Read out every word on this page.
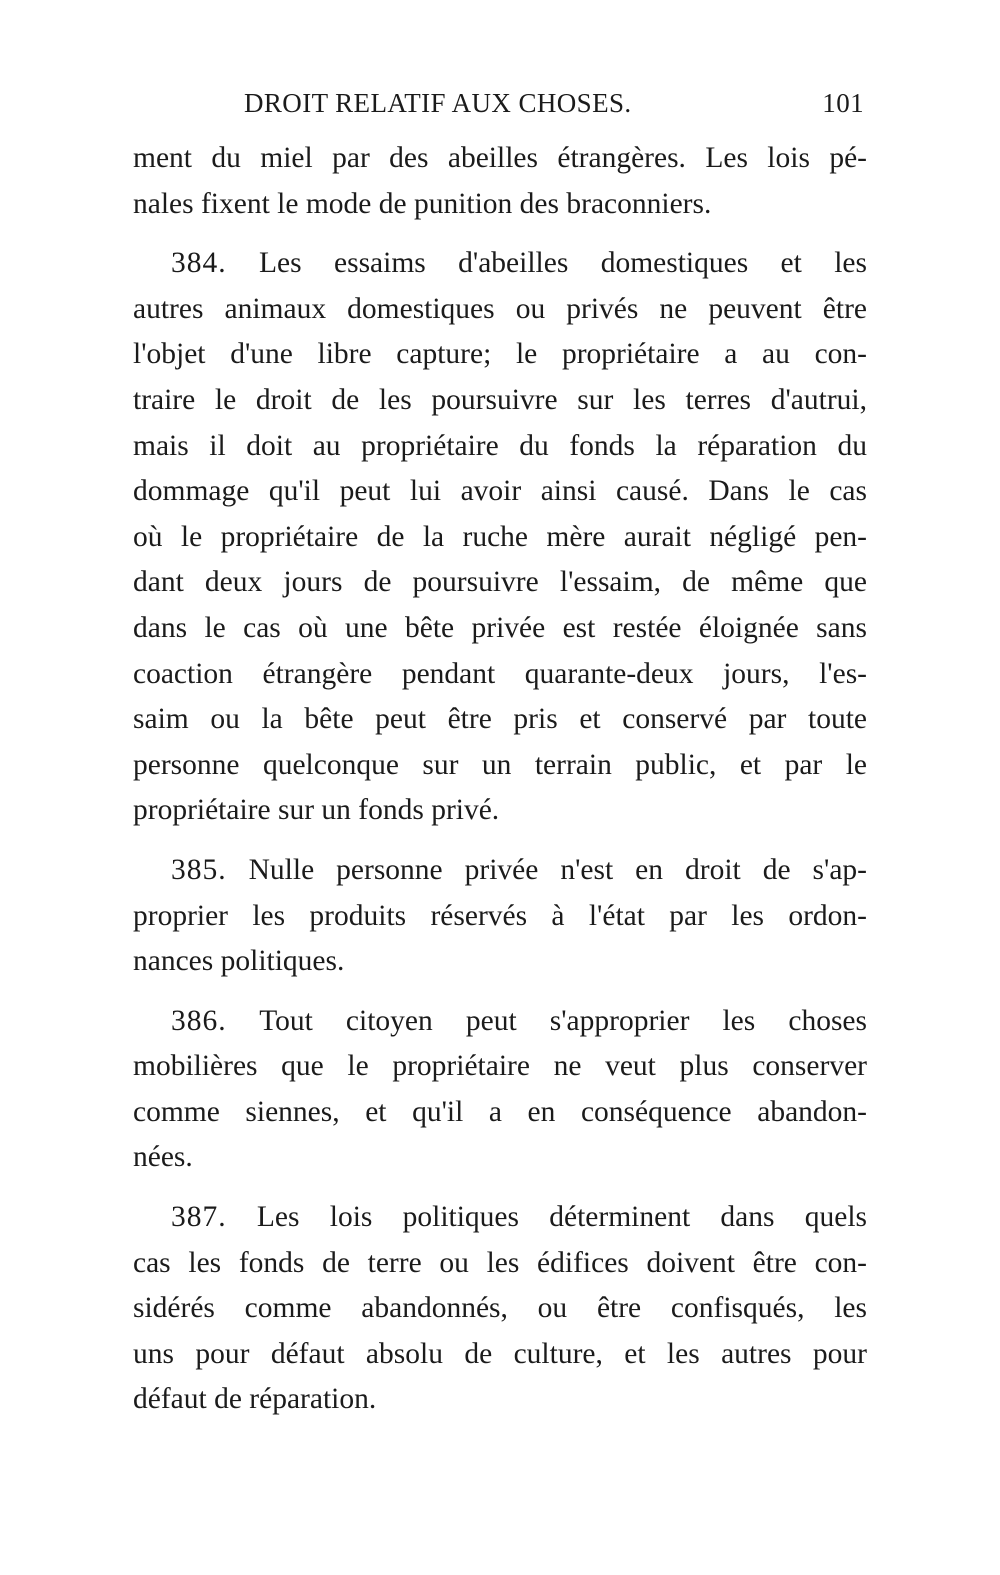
DROIT RELATIF AUX CHOSES.	101

ment du miel par des abeilles étrangères. Les lois pé-
nales fixent le mode de punition des braconniers.

384. Les essaims d'abeilles domestiques et les
autres animaux domestiques ou privés ne peuvent être
l'objet d'une libre capture; le propriétaire a au con-
traire le droit de les poursuivre sur les terres d'autrui,
mais il doit au propriétaire du fonds la réparation du
dommage qu'il peut lui avoir ainsi causé. Dans le cas
où le propriétaire de la ruche mère aurait négligé pen-
dant deux jours de poursuivre l'essaim, de même que
dans le cas où une bête privée est restée éloignée sans
coaction étrangère pendant quarante-deux jours, l'es-
saim ou la bête peut être pris et conservé par toute
personne quelconque sur un terrain public, et par le
propriétaire sur un fonds privé.

385. Nulle personne privée n'est en droit de s'ap-
proprier les produits réservés à l'état par les ordon-
nances politiques.

386. Tout citoyen peut s'approprier les choses
mobilières que le propriétaire ne veut plus conserver
comme siennes, et qu'il a en conséquence abandon-
nées.

387. Les lois politiques déterminent dans quels
cas les fonds de terre ou les édifices doivent être con-
sidérés comme abandonnés, ou être confisqués, les
uns pour défaut absolu de culture, et les autres pour
défaut de réparation.
